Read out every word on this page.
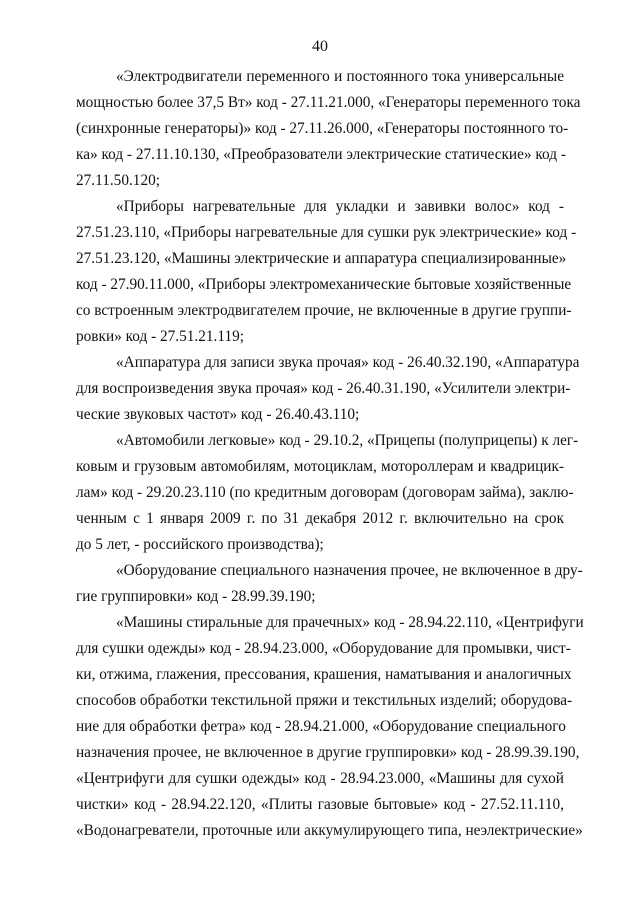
40
«Электродвигатели переменного и постоянного тока универсальные
мощностью более 37,5 Вт» код - 27.11.21.000, «Генераторы переменного тока
(синхронные генераторы)» код - 27.11.26.000, «Генераторы постоянного то-
ка» код - 27.11.10.130, «Преобразователи электрические статические» код -
27.11.50.120;
«Приборы нагревательные для укладки и завивки волос» код -
27.51.23.110, «Приборы нагревательные для сушки рук электрические» код -
27.51.23.120, «Машины электрические и аппаратура специализированные»
код - 27.90.11.000, «Приборы электромеханические бытовые хозяйственные
со встроенным электродвигателем прочие, не включенные в другие группи-
ровки» код - 27.51.21.119;
«Аппаратура для записи звука прочая» код - 26.40.32.190, «Аппаратура
для воспроизведения звука прочая» код - 26.40.31.190, «Усилители электри-
ческие звуковых частот» код - 26.40.43.110;
«Автомобили легковые» код - 29.10.2, «Прицепы (полуприцепы) к лег-
ковым и грузовым автомобилям, мотоциклам, мотороллерам и квадрицик-
лам» код - 29.20.23.110 (по кредитным договорам (договорам займа), заклю-
ченным с 1 января 2009 г. по 31 декабря 2012 г. включительно на срок
до 5 лет, - российского производства);
«Оборудование специального назначения прочее, не включенное в дру-
гие группировки» код - 28.99.39.190;
«Машины стиральные для прачечных» код - 28.94.22.110, «Центрифуги
для сушки одежды» код - 28.94.23.000, «Оборудование для промывки, чист-
ки, отжима, глажения, прессования, крашения, наматывания и аналогичных
способов обработки текстильной пряжи и текстильных изделий; оборудова-
ние для обработки фетра» код - 28.94.21.000, «Оборудование специального
назначения прочее, не включенное в другие группировки» код - 28.99.39.190,
«Центрифуги для сушки одежды» код - 28.94.23.000, «Машины для сухой
чистки» код - 28.94.22.120, «Плиты газовые бытовые» код - 27.52.11.110,
«Водонагреватели, проточные или аккумулирующего типа, неэлектрические»
